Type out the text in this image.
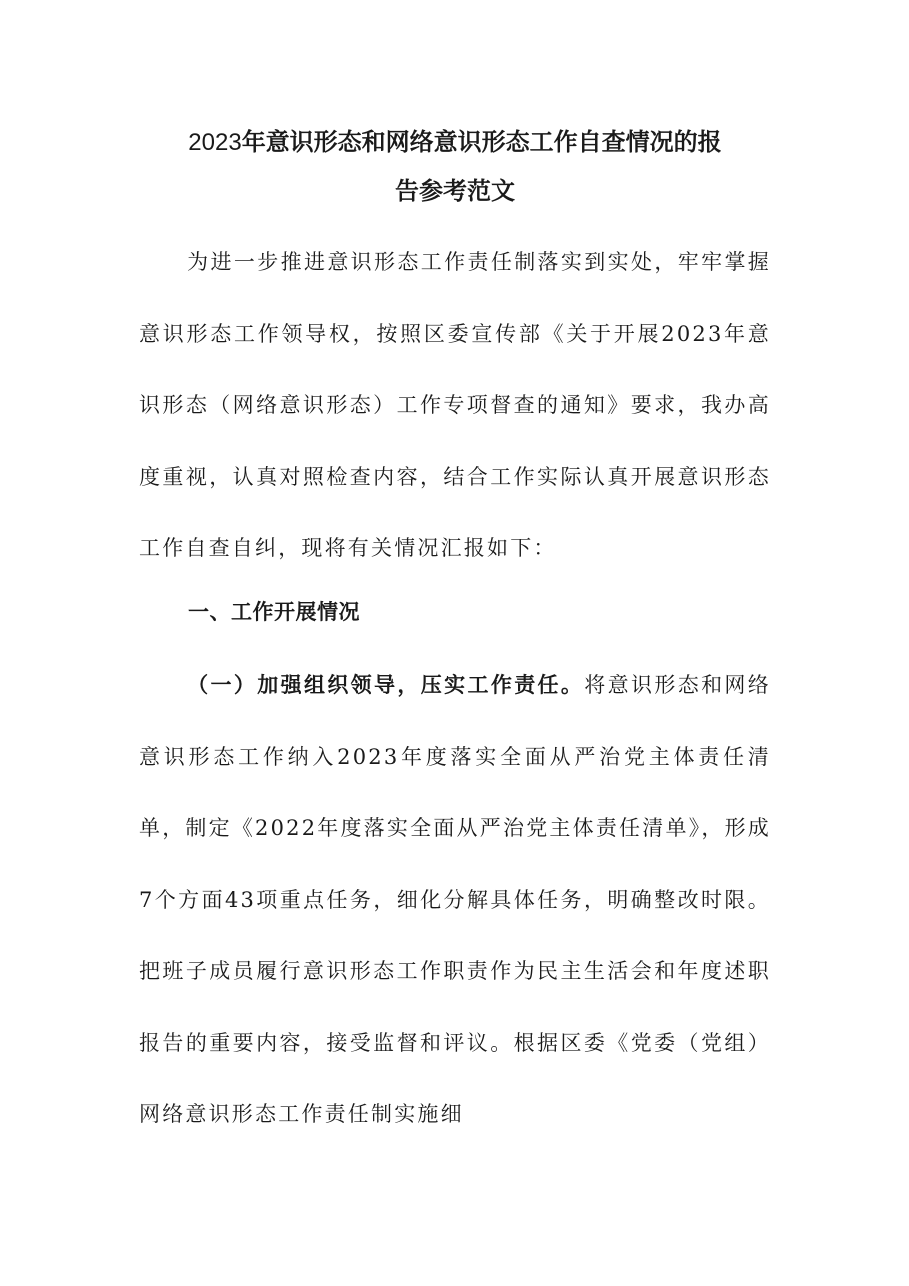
2023年意识形态和网络意识形态工作自查情况的报
告参考范文

为进一步推进意识形态工作责任制落实到实处，牢牢掌握意识形态工作领导权，按照区委宣传部《关于开展2023年意识形态（网络意识形态）工作专项督查的通知》要求，我办高度重视，认真对照检查内容，结合工作实际认真开展意识形态工作自查自纠，现将有关情况汇报如下：

一、工作开展情况

（一）加强组织领导，压实工作责任。将意识形态和网络意识形态工作纳入2023年度落实全面从严治党主体责任清单，制定《2022年度落实全面从严治党主体责任清单》，形成7个方面43项重点任务，细化分解具体任务，明确整改时限。把班子成员履行意识形态工作职责作为民主生活会和年度述职报告的重要内容，接受监督和评议。根据区委《党委（党组）网络意识形态工作责任制实施细
